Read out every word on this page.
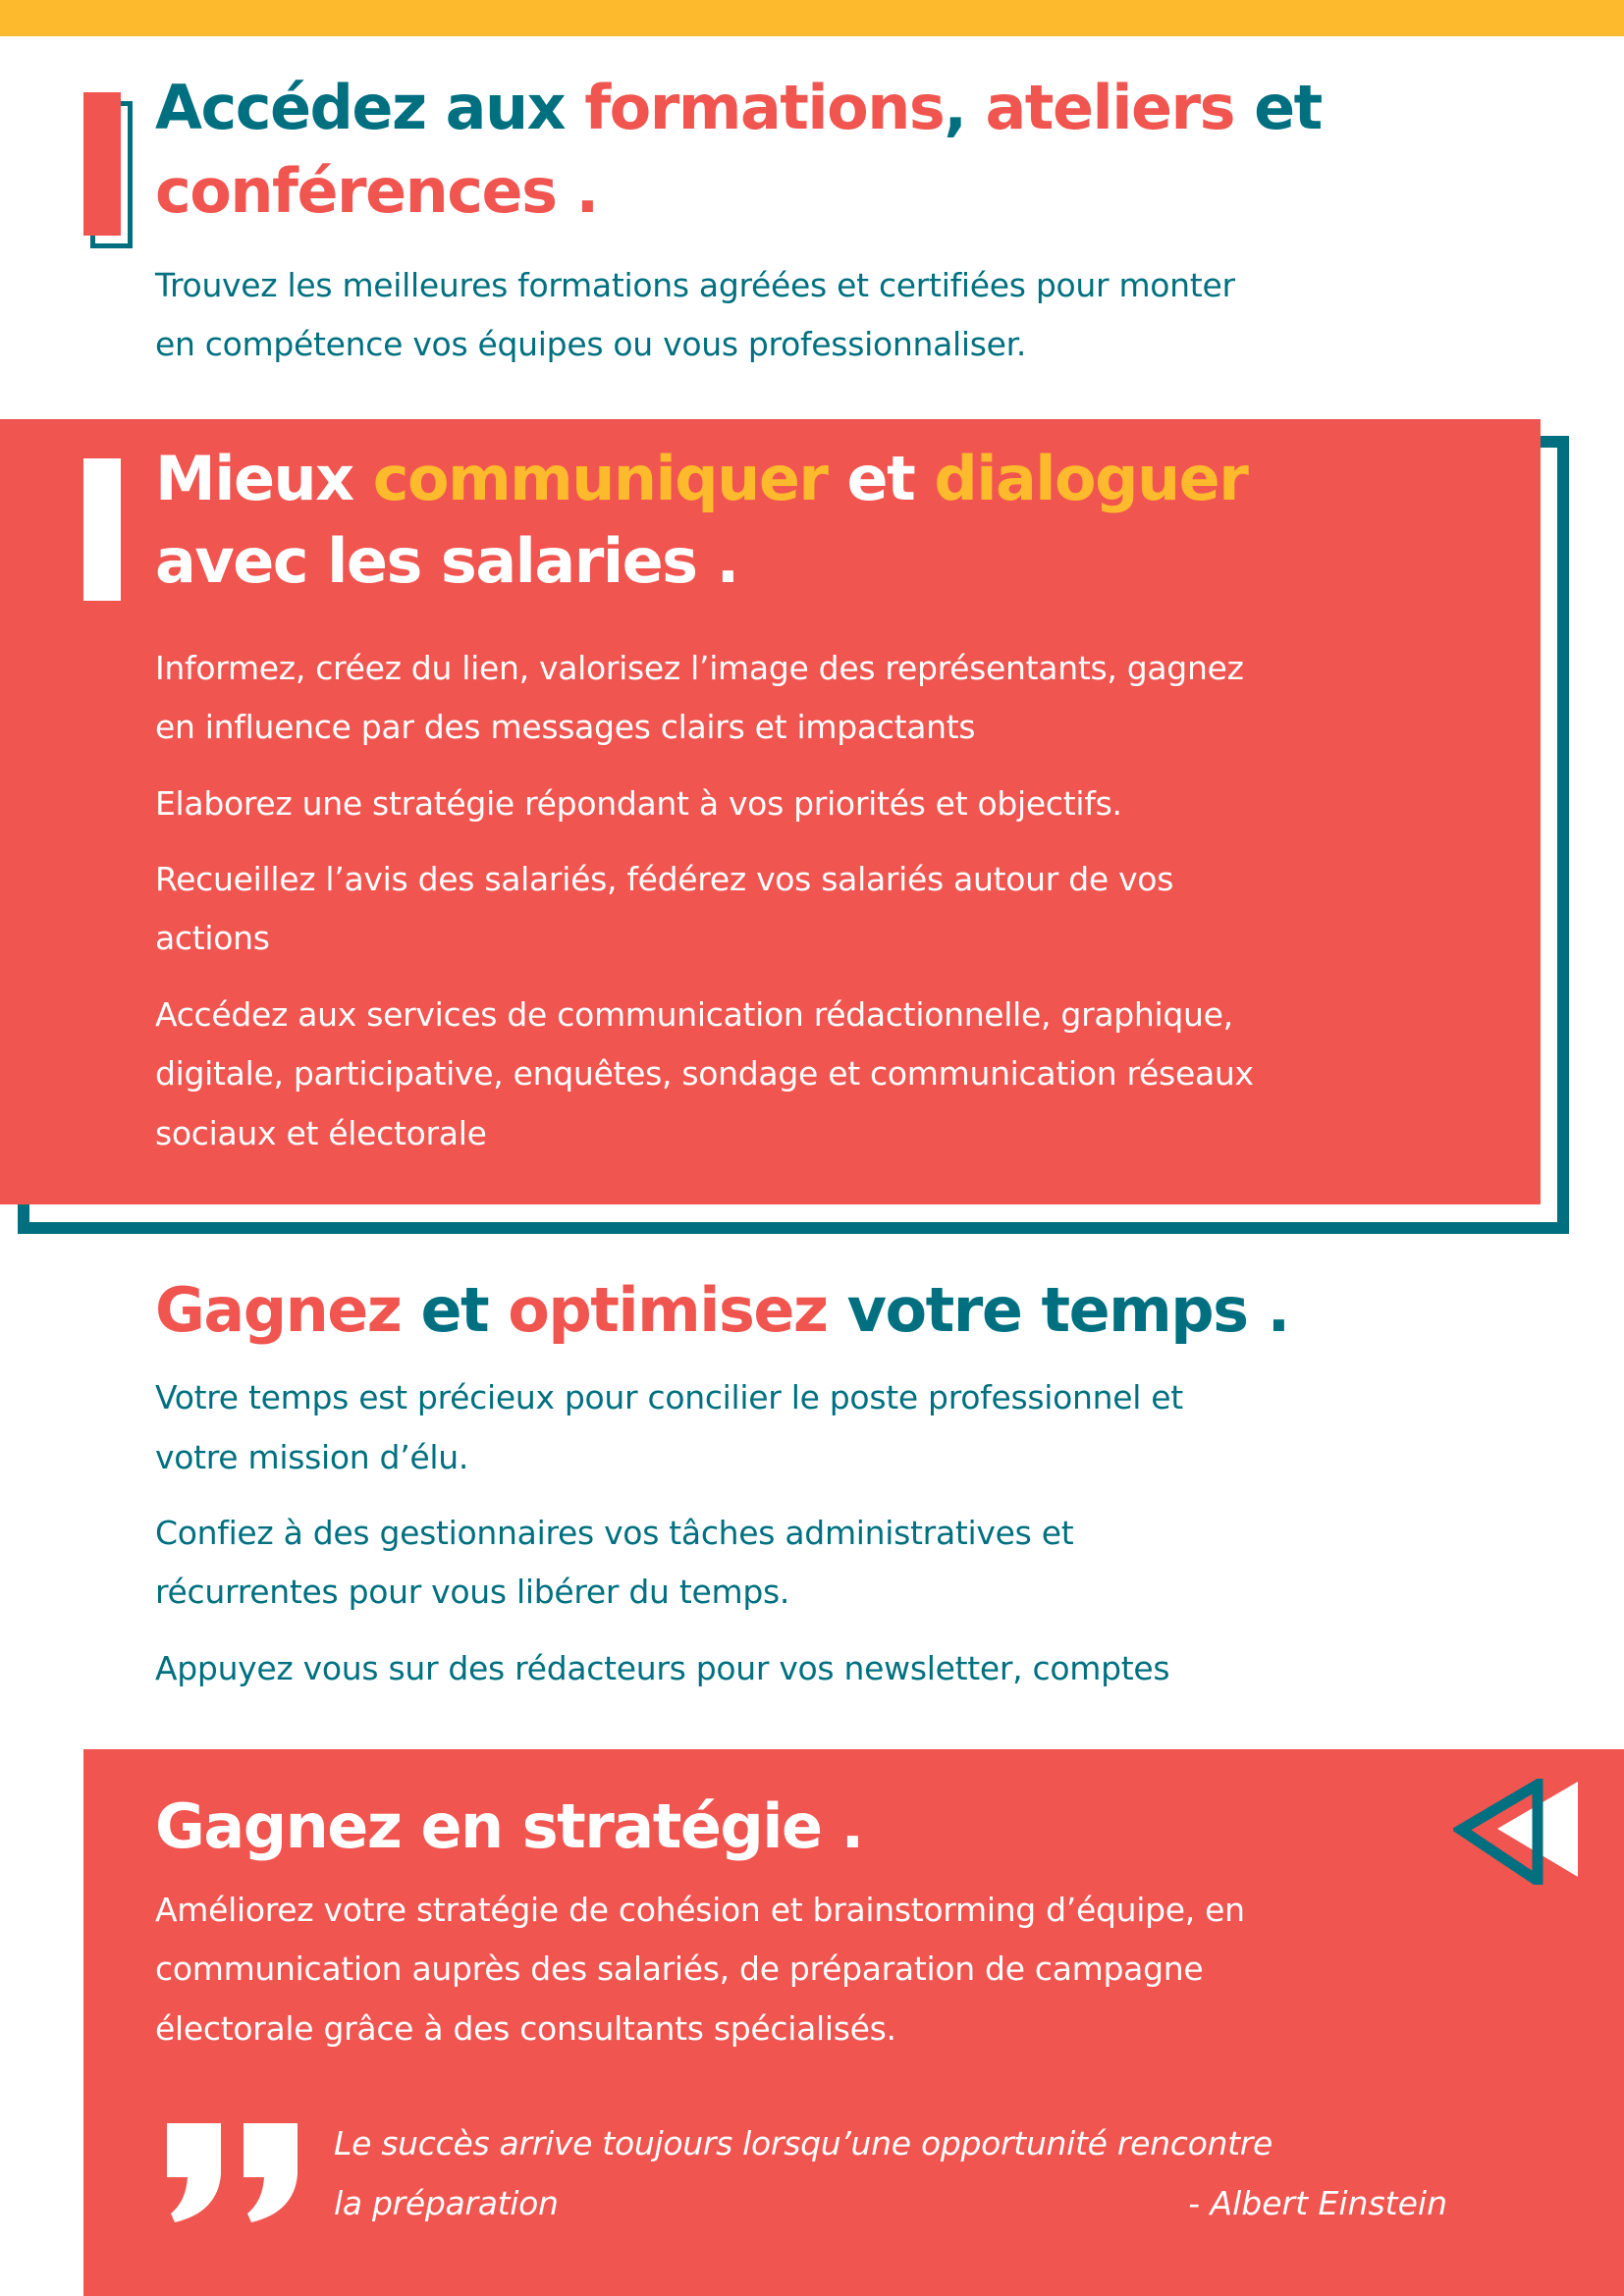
Accédez aux formations, ateliers et
conférences .

Trouvez les meilleures formations agréées et certifiées pour monter

en compétence vos équipes ou vous professionnaliser.

Mieux communiquer et dialoguer
avec les salaries .

Informez, créez du lien, valorisez l’image des représentants, gagnez

en influence par des messages clairs et impactants

Elaborez une stratégie répondant à vos priorités et objectifs.

Recueillez l’avis des salariés, fédérez vos salariés autour de vos

actions

Accédez aux services de communication rédactionnelle, graphique,

digitale, participative, enquêtes, sondage et communication réseaux

sociaux et électorale

Gagnez et optimisez votre temps .

Votre temps est précieux pour concilier le poste professionnel et

votre mission d’élu.

Confiez à des gestionnaires vos tâches administratives et

récurrentes pour vous libérer du temps.

Appuyez vous sur des rédacteurs pour vos newsletter, comptes

Gagnez en stratégie .

Améliorez votre stratégie de cohésion et brainstorming d’équipe, en

communication auprès des salariés, de préparation de campagne

électorale grâce à des consultants spécialisés.

Le succès arrive toujours lorsqu’une opportunité rencontre

la préparation	- Albert Einstein
